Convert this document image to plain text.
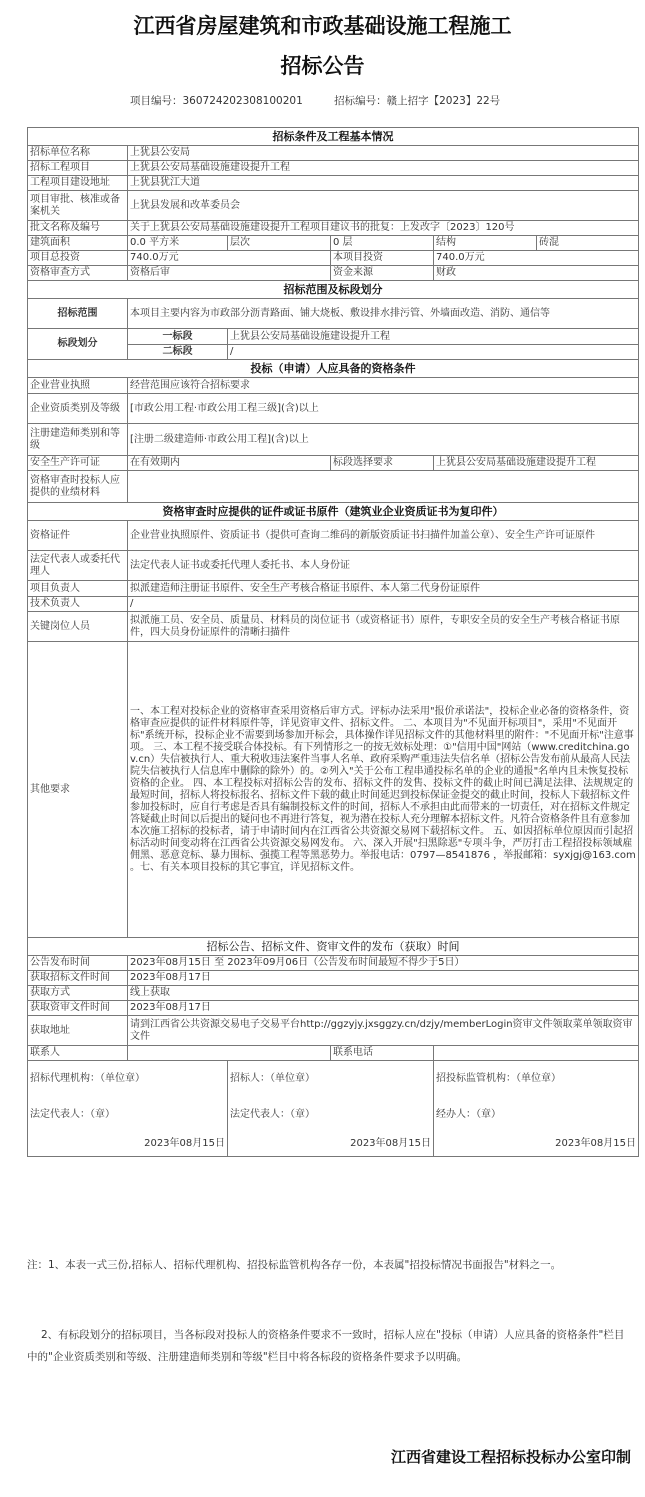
江西省房屋建筑和市政基础设施工程施工
招标公告
项目编号：360724202308100201	招标编号：赣上招字【2023】22号
招标条件及工程基本情况					
招标单位名称	上犹县公安局				
招标工程项目	上犹县公安局基础设施建设提升工程				
工程项目建设地址	上犹县犹江大道				
项目审批、核准或备案机关	上犹县发展和改革委员会				
批文名称及编号	关于上犹县公安局基础设施建设提升工程项目建议书的批复：上发改字〔2023〕120号				
建筑面积	0.0 平方米	层次	0 层	结构	砖混
项目总投资	740.0万元		本项目投资	740.0万元	
资格审查方式	资格后审		资金来源	财政	
招标范围及标段划分					
招标范围	本项目主要内容为市政部分沥青路面、铺大烧板、敷设排水排污管、外墙面改造、消防、通信等				
标段划分	一标段	上犹县公安局基础设施建设提升工程			
	二标段	/			
投标（申请）人应具备的资格条件					
企业营业执照	经营范围应该符合招标要求				
企业资质类别及等级	[市政公用工程·市政公用工程三级](含)以上				
注册建造师类别和等级	[注册二级建造师·市政公用工程](含)以上				
安全生产许可证	在有效期内		标段选择要求	上犹县公安局基础设施建设提升工程	
资格审查时投标人应提供的业绩材料					
资格审查时应提供的证件或证书原件（建筑业企业资质证书为复印件）					
资格证件	企业营业执照原件、资质证书（提供可查询二维码的新版资质证书扫描件加盖公章）、安全生产许可证原件				
法定代表人或委托代理人	法定代表人证书或委托代理人委托书、本人身份证				
项目负责人	拟派建造师注册证书原件、安全生产考核合格证书原件、本人第二代身份证原件				
技术负责人	/				
关键岗位人员	拟派施工员、安全员、质量员、材料员的岗位证书（或资格证书）原件，专职安全员的安全生产考核合格证书原件，四大员身份证原件的清晰扫描件				
其他要求	一、本工程对投标企业的资格审查采用资格后审方式。评标办法采用"报价承诺法"，投标企业必备的资格条件，资格审查应提供的证件材料原件等，详见资审文件、招标文件。 二、本项目为"不见面开标项目"，采用"不见面开标"系统开标，投标企业不需要到场参加开标会，具体操作详见招标文件的其他材料里的附件："不见面开标"注意事项。 三、本工程不接受联合体投标。有下列情形之一的按无效标处理：①"信用中国"网站（www.creditchina.gov.cn）失信被执行人、重大税收违法案件当事人名单、政府采购严重违法失信名单（招标公告发布前从最高人民法院失信被执行人信息库中删除的除外）的。②列入"关于公布工程串通投标名单的企业的通报"名单内且未恢复投标资格的企业。 四、本工程投标对招标公告的发布、招标文件的发售、投标文件的截止时间已满足法律、法规规定的最短时间，招标人将投标报名、招标文件下载的截止时间延迟到投标保证金提交的截止时间，投标人下载招标文件参加投标时，应自行考虑是否具有编制投标文件的时间，招标人不承担由此而带来的一切责任，对在招标文件规定答疑截止时间以后提出的疑问也不再进行答复，视为潜在投标人充分理解本招标文件。凡符合资格条件且有意参加本次施工招标的投标者，请于申请时间内在江西省公共资源交易网下载招标文件。 五、如因招标单位原因而引起招标活动时间变动将在江西省公共资源交易网发布。 六、深入开展"扫黑除恶"专项斗争，严厉打击工程招投标领域雇佣黑、恶意竞标、暴力围标、强揽工程等黑恶势力。举报电话：0797—8541876 ，举报邮箱：syxjgj@163.com 。七、有关本项目投标的其它事宜，详见招标文件。				
招标公告、招标文件、资审文件的发布（获取）时间					
公告发布时间	2023年08月15日 至 2023年09月06日（公告发布时间最短不得少于5日）				
获取招标文件时间	2023年08月17日				
获取方式	线上获取				
获取资审文件时间	2023年08月17日				
获取地址	请到江西省公共资源交易电子交易平台http://ggzyjy.jxsggzy.cn/dzjy/memberLogin资审文件领取菜单领取资审文件				
联系人			联系电话		
招标代理机构：（单位章）		招标人：（单位章）		招投标监管机构：（单位章）	
法定代表人：（章）		法定代表人：（章）		经办人：（章）	
2023年08月15日		2023年08月15日		2023年08月15日	
注：1、本表一式三份,招标人、招标代理机构、招投标监管机构各存一份，本表属"招投标情况书面报告"材料之一。
2、有标段划分的招标项目，当各标段对投标人的资格条件要求不一致时，招标人应在"投标（申请）人应具备的资格条件"栏目中的"企业资质类别和等级、注册建造师类别和等级"栏目中将各标段的资格条件要求予以明确。
江西省建设工程招标投标办公室印制
